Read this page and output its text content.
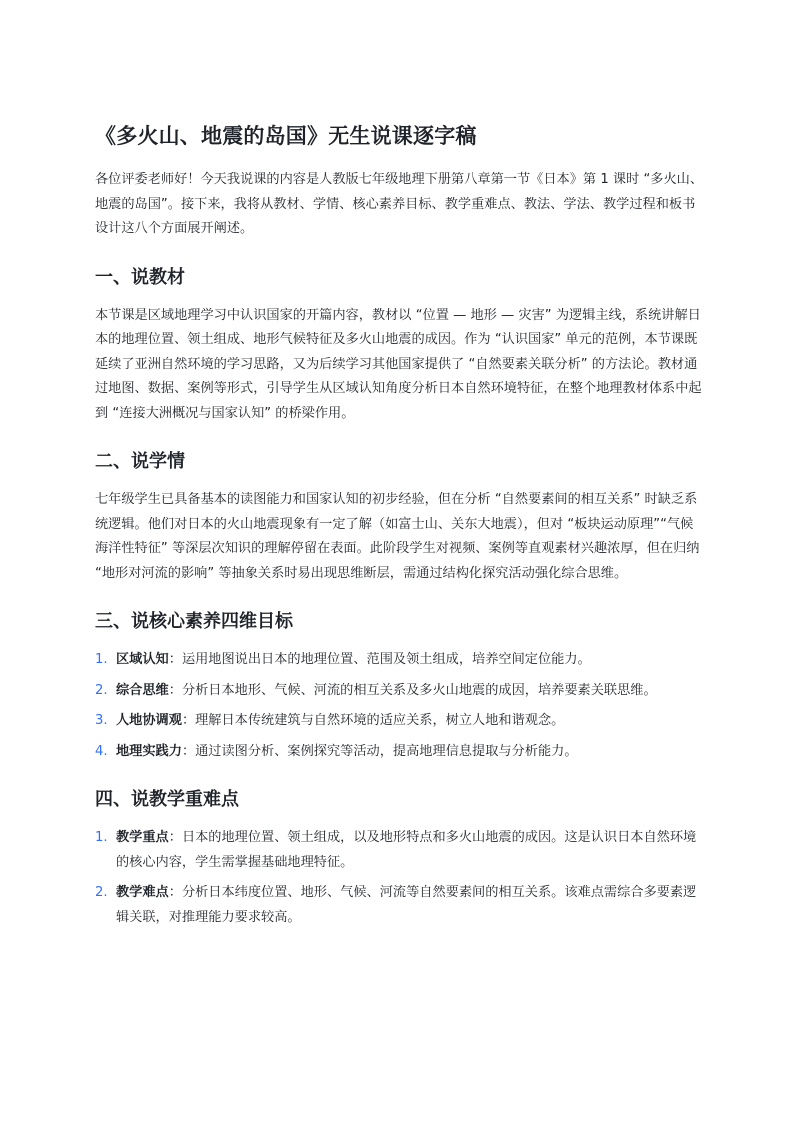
《多火山、地震的岛国》无生说课逐字稿

各位评委老师好！今天我说课的内容是人教版七年级地理下册第八章第一节《日本》第 1 课时 “多火山、地震的岛国”。接下来，我将从教材、学情、核心素养目标、教学重难点、教法、学法、教学过程和板书设计这八个方面展开阐述。

一、说教材

本节课是区域地理学习中认识国家的开篇内容，教材以 “位置 — 地形 — 灾害” 为逻辑主线，系统讲解日本的地理位置、领土组成、地形气候特征及多火山地震的成因。作为 “认识国家” 单元的范例，本节课既延续了亚洲自然环境的学习思路，又为后续学习其他国家提供了 “自然要素关联分析” 的方法论。教材通过地图、数据、案例等形式，引导学生从区域认知角度分析日本自然环境特征，在整个地理教材体系中起到 “连接大洲概况与国家认知” 的桥梁作用。

二、说学情

七年级学生已具备基本的读图能力和国家认知的初步经验，但在分析 “自然要素间的相互关系” 时缺乏系统逻辑。他们对日本的火山地震现象有一定了解（如富士山、关东大地震），但对 “板块运动原理”“气候海洋性特征” 等深层次知识的理解停留在表面。此阶段学生对视频、案例等直观素材兴趣浓厚，但在归纳 “地形对河流的影响” 等抽象关系时易出现思维断层，需通过结构化探究活动强化综合思维。

三、说核心素养四维目标
1. 区域认知：运用地图说出日本的地理位置、范围及领土组成，培养空间定位能力。
2. 综合思维：分析日本地形、气候、河流的相互关系及多火山地震的成因，培养要素关联思维。
3. 人地协调观：理解日本传统建筑与自然环境的适应关系，树立人地和谐观念。
4. 地理实践力：通过读图分析、案例探究等活动，提高地理信息提取与分析能力。
四、说教学重难点
1. 教学重点：日本的地理位置、领土组成，以及地形特点和多火山地震的成因。这是认识日本自然环境的核心内容，学生需掌握基础地理特征。
2. 教学难点：分析日本纬度位置、地形、气候、河流等自然要素间的相互关系。该难点需综合多要素逻辑关联，对推理能力要求较高。
